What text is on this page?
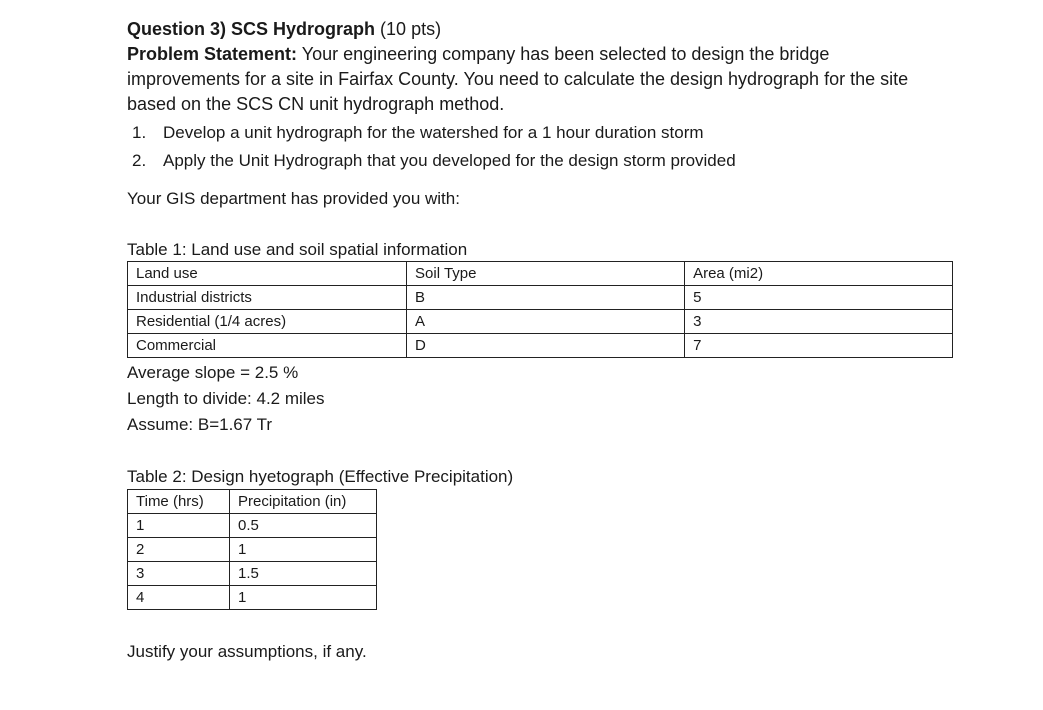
Question 3) SCS Hydrograph (10 pts)

Problem Statement: Your engineering company has been selected to design the bridge improvements for a site in Fairfax County. You need to calculate the design hydrograph for the site based on the SCS CN unit hydrograph method.

1. Develop a unit hydrograph for the watershed for a 1 hour duration storm
2. Apply the Unit Hydrograph that you developed for the design storm provided

Your GIS department has provided you with:

Table 1: Land use and soil spatial information

Land use	Soil Type	Area (mi2)
Industrial districts	B	5
Residential (1/4 acres)	A	3
Commercial	D	7
Average slope = 2.5 %
Length to divide: 4.2 miles
Assume: B=1.67 Tr

Table 2: Design hyetograph (Effective Precipitation)

Time (hrs)	Precipitation (in)
1	0.5
2	1
3	1.5
4	1

Justify your assumptions, if any.
